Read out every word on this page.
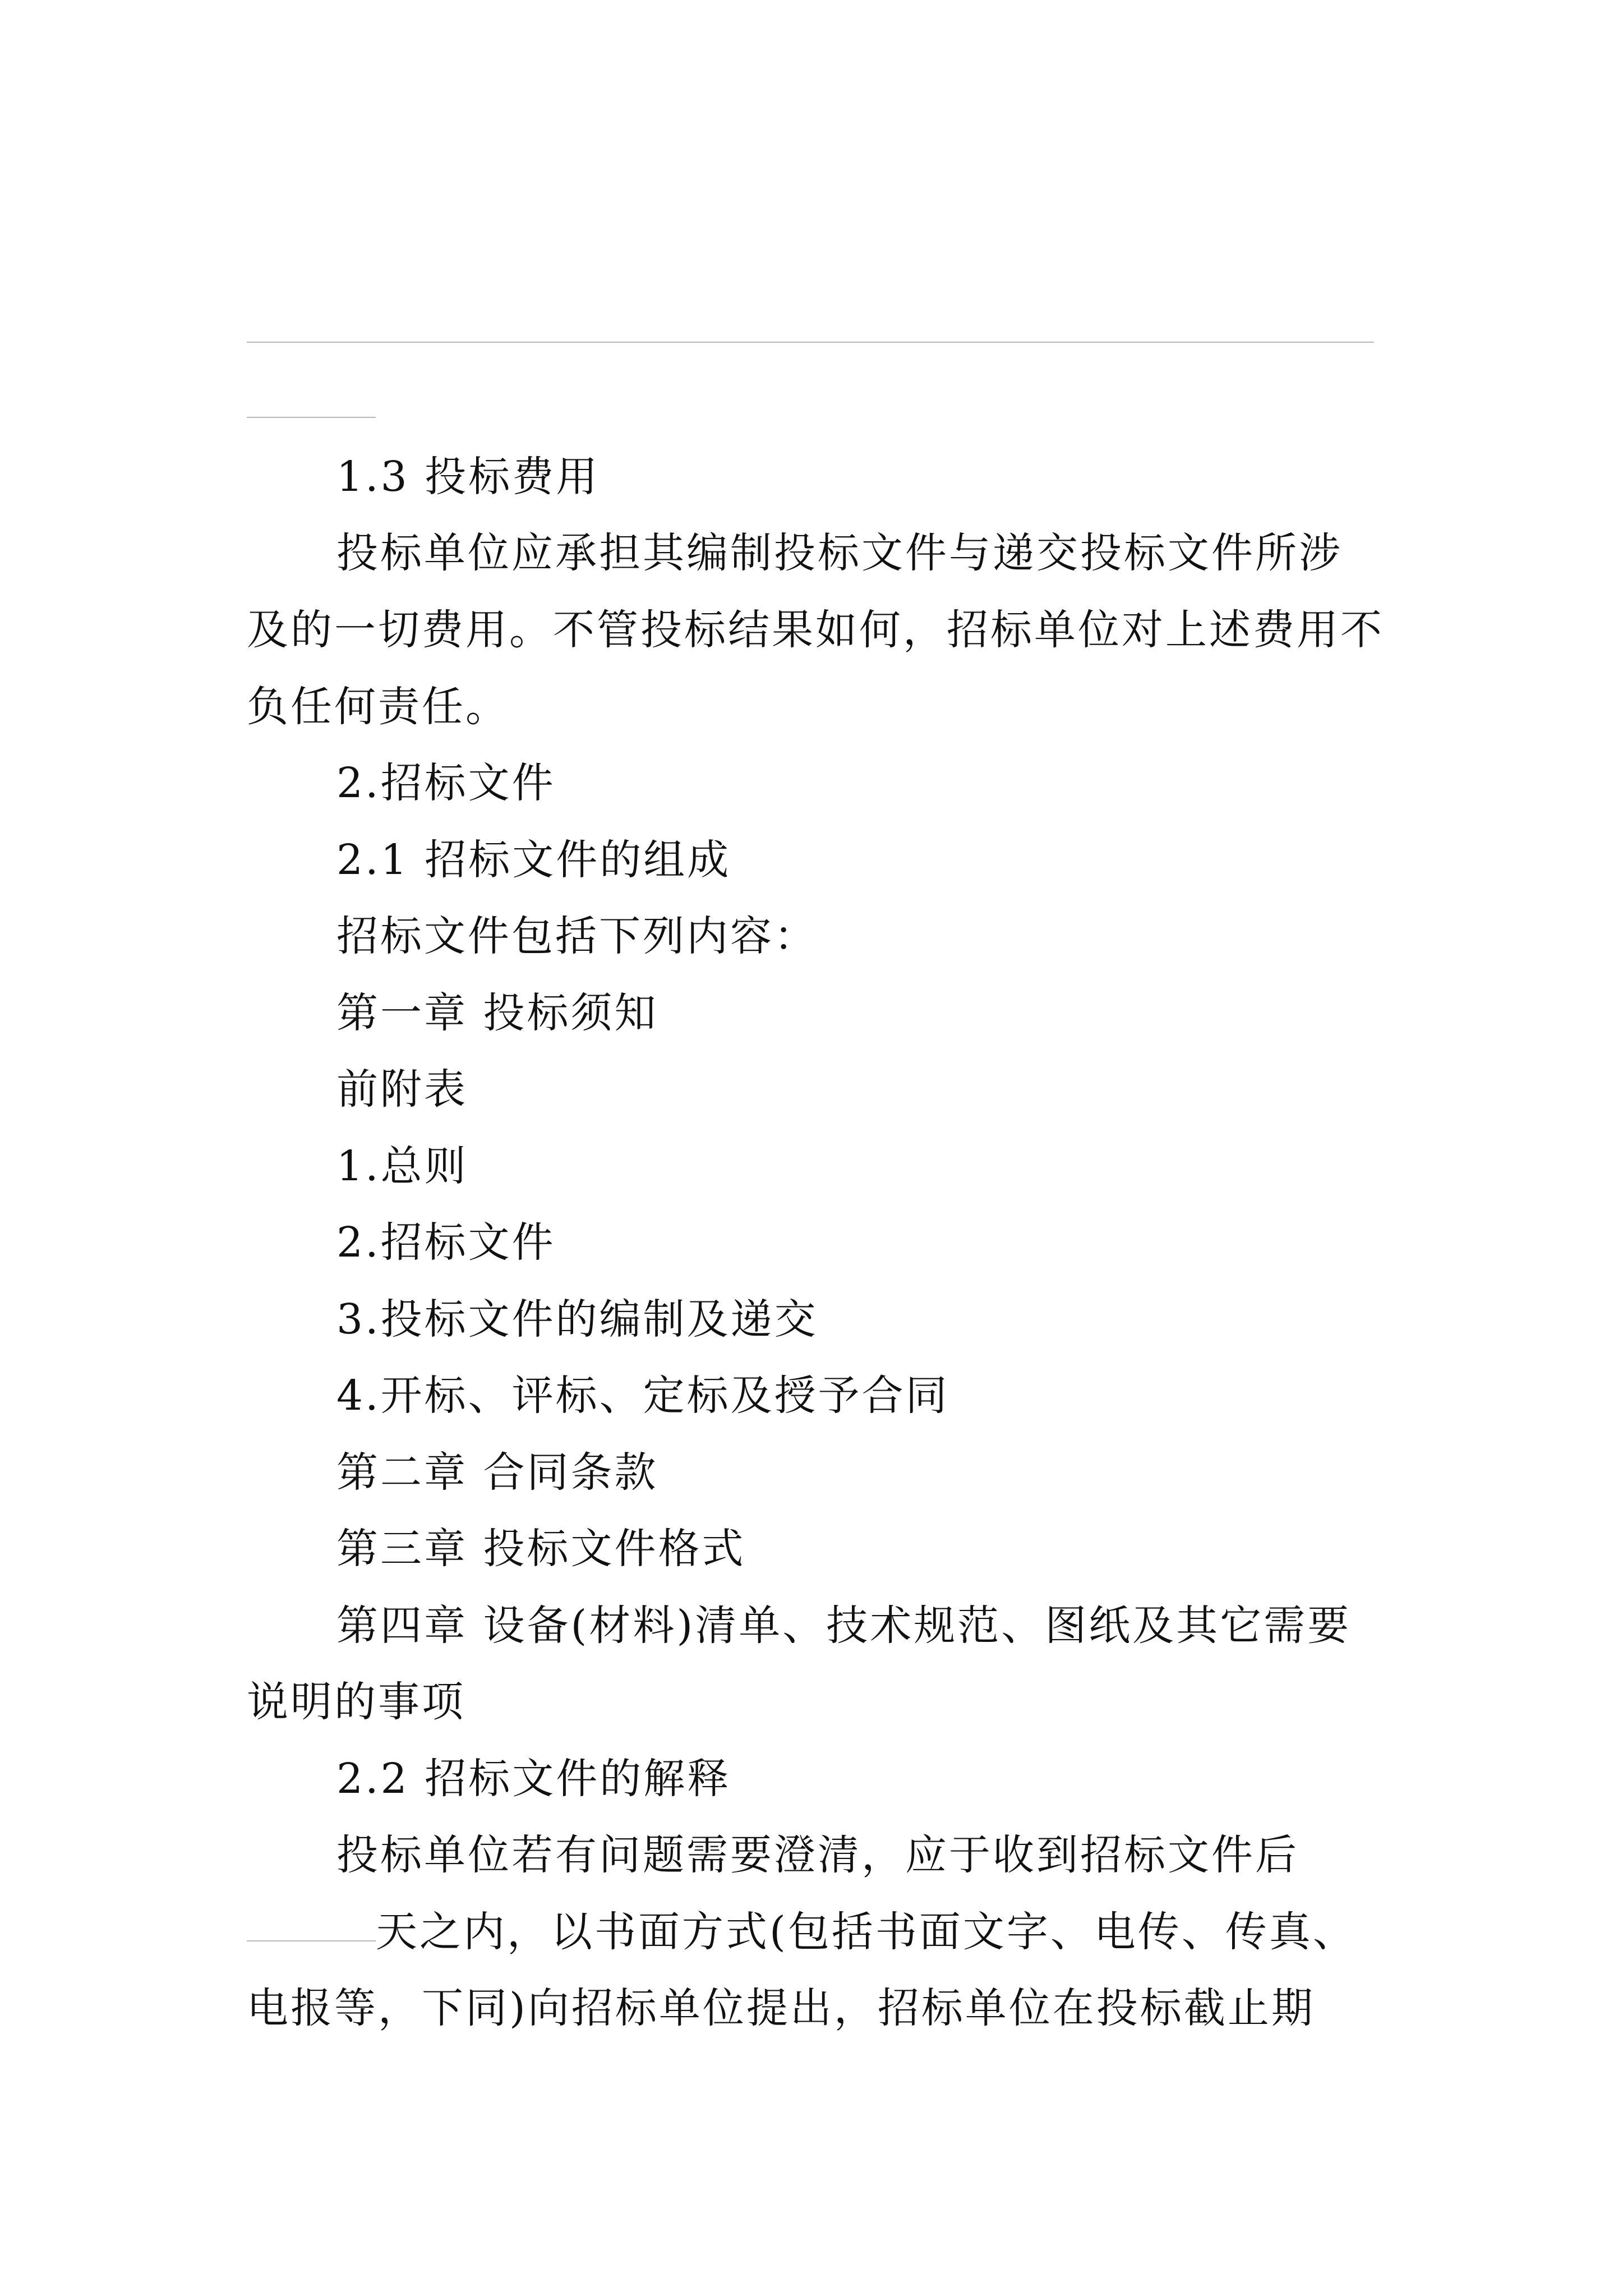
1.3 投标费用
投标单位应承担其编制投标文件与递交投标文件所涉
及的一切费用。不管投标结果如何，招标单位对上述费用不
负任何责任。
2.招标文件
2.1 招标文件的组成
招标文件包括下列内容：
第一章 投标须知
前附表
1.总则
2.招标文件
3.投标文件的编制及递交
4.开标、评标、定标及授予合同
第二章 合同条款
第三章 投标文件格式
第四章 设备(材料)清单、技术规范、图纸及其它需要
说明的事项
2.2 招标文件的解释
投标单位若有问题需要澄清，应于收到招标文件后
天之内，以书面方式(包括书面文字、电传、传真、
电报等，下同)向招标单位提出，招标单位在投标截止期
